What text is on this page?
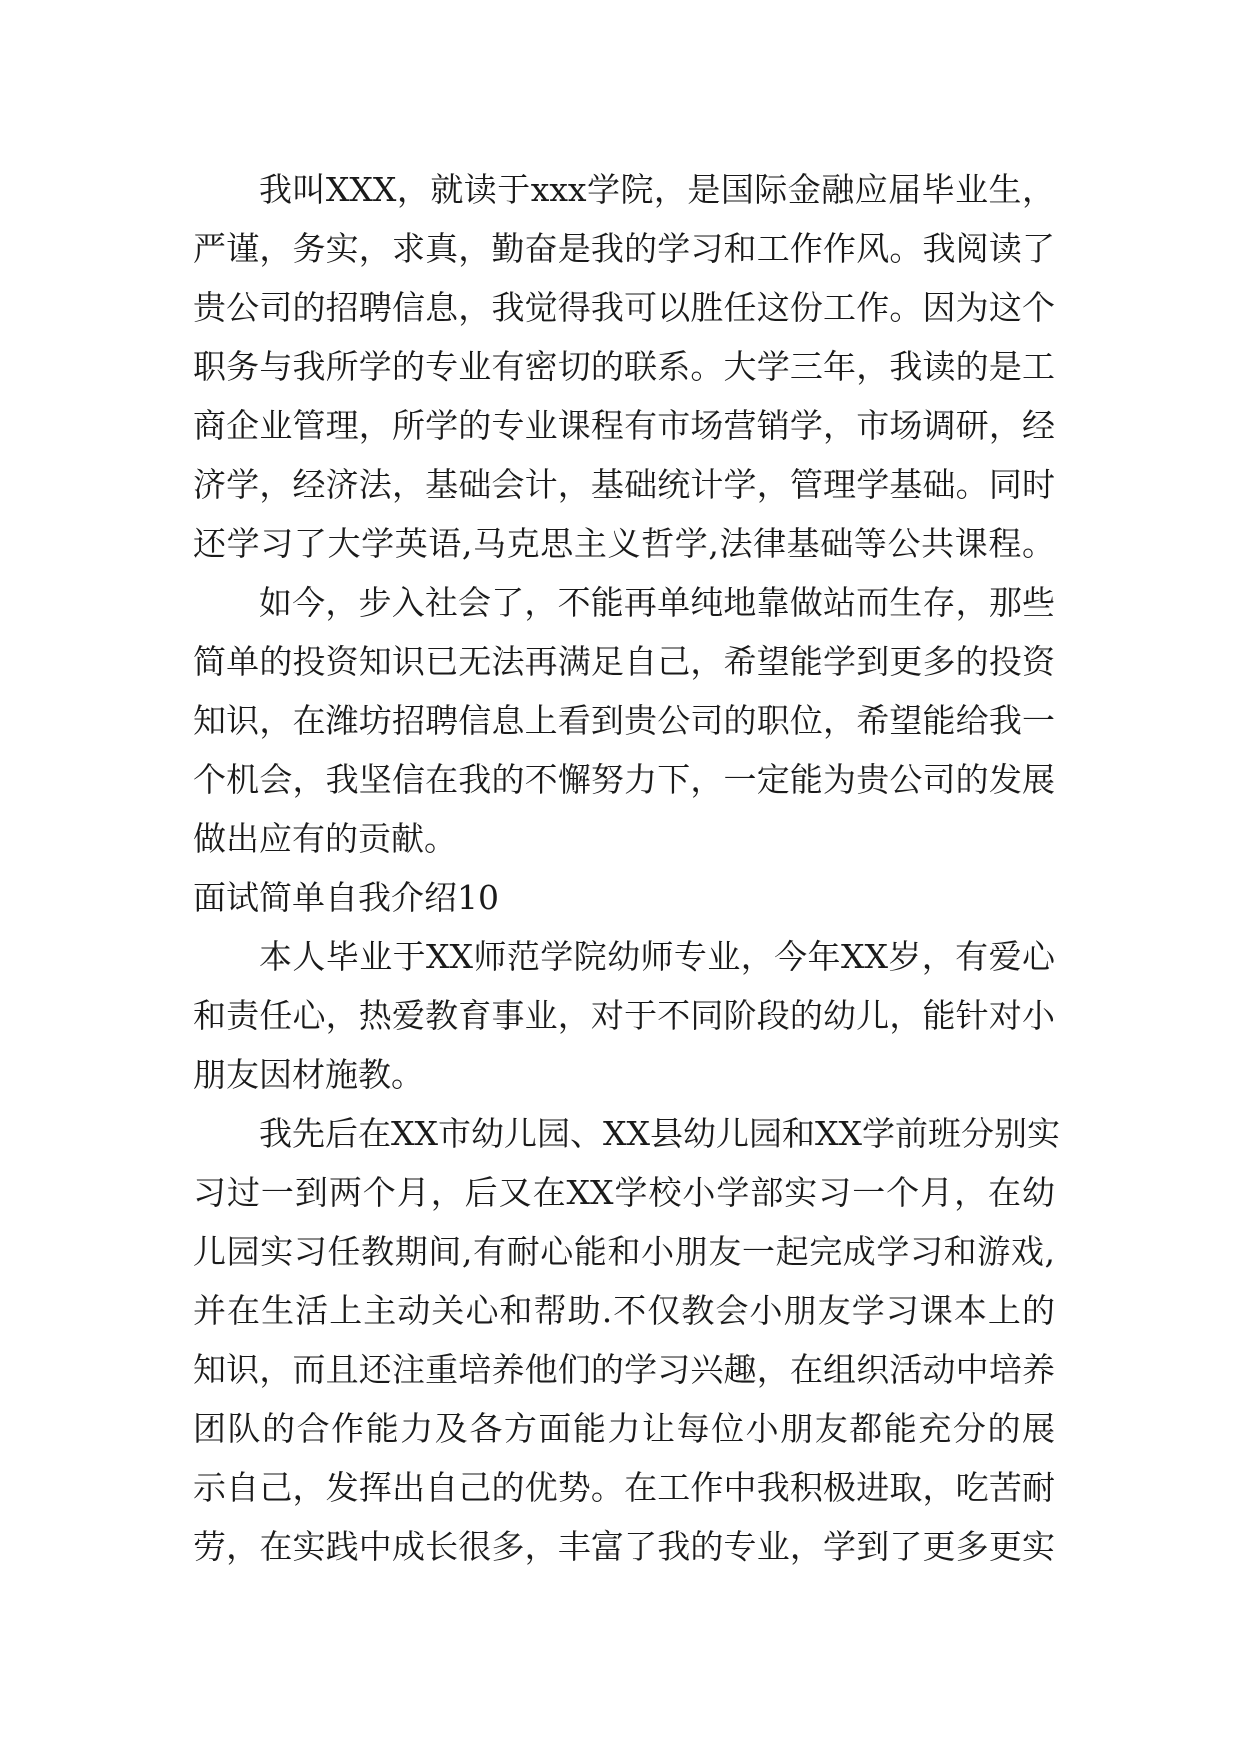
我叫XXX，就读于xxx学院，是国际金融应届毕业生，
严谨，务实，求真，勤奋是我的学习和工作作风。我阅读了
贵公司的招聘信息，我觉得我可以胜任这份工作。因为这个
职务与我所学的专业有密切的联系。大学三年，我读的是工
商企业管理，所学的专业课程有市场营销学，市场调研，经
济学，经济法，基础会计，基础统计学，管理学基础。同时
还学习了大学英语,马克思主义哲学,法律基础等公共课程。
如今，步入社会了，不能再单纯地靠做站而生存，那些
简单的投资知识已无法再满足自己，希望能学到更多的投资
知识，在潍坊招聘信息上看到贵公司的职位，希望能给我一
个机会，我坚信在我的不懈努力下，一定能为贵公司的发展
做出应有的贡献。
面试简单自我介绍10
本人毕业于XX师范学院幼师专业，今年XX岁，有爱心
和责任心，热爱教育事业，对于不同阶段的幼儿，能针对小
朋友因材施教。
我先后在XX市幼儿园、XX县幼儿园和XX学前班分别实
习过一到两个月，后又在XX学校小学部实习一个月，在幼
儿园实习任教期间,有耐心能和小朋友一起完成学习和游戏,
并在生活上主动关心和帮助.不仅教会小朋友学习课本上的
知识，而且还注重培养他们的学习兴趣，在组织活动中培养
团队的合作能力及各方面能力让每位小朋友都能充分的展
示自己，发挥出自己的优势。在工作中我积极进取，吃苦耐
劳，在实践中成长很多，丰富了我的专业，学到了更多更实
